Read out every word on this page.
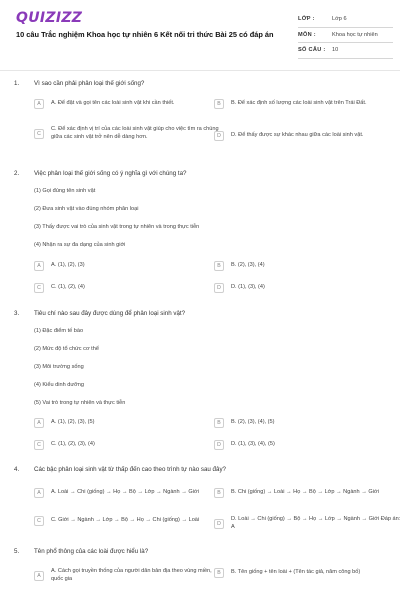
QUIZIZZ
10 câu Trắc nghiệm Khoa học tự nhiên 6 Kết nối tri thức Bài 25 có đáp án
LỚP :	Lớp 6
MÔN :	Khoa học tự nhiên
SỐ CÂU :	10
1. Vì sao cần phải phân loại thế giới sống?
A	A. Để đặt và gọi tên các loài sinh vật khi cần thiết.	B	B. Để xác định số lượng các loài sinh vật trên Trái Đất.
C
C. Để xác định vị trí của các loài sinh vật giúp cho việc tìm ra chúng giữa các sinh vật trở nên dễ dàng hơn.	D	D. Để thấy được sự khác nhau giữa các loài sinh vật.
2. Việc phân loại thế giới sống có ý nghĩa gì với chúng ta?
(1) Gọi đúng tên sinh vật
(2) Đưa sinh vật vào đúng nhóm phân loại
(3) Thấy được vai trò của sinh vật trong tự nhiên và trong thực tiễn
(4) Nhận ra sự đa dạng của sinh giới
A	A. (1), (2), (3)	B	B. (2), (3), (4)
C	C. (1), (2), (4)	D	D. (1), (3), (4)
3. Tiêu chí nào sau đây được dùng để phân loại sinh vật?
(1) Đặc điểm tế bào
(2) Mức độ tổ chức cơ thể
(3) Môi trường sống
(4) Kiểu dinh dưỡng
(5) Vai trò trong tự nhiên và thực tiễn
A	A. (1), (2), (3), (5)	B	B. (2), (3), (4), (5)
C	C. (1), (2), (3), (4)	D	D. (1), (3), (4), (5)
4. Các bậc phân loại sinh vật từ thấp đến cao theo trình tự nào sau đây?
A	A. Loài → Chi (giống) → Họ → Bộ → Lớp → Ngành → Giới	B	B. Chi (giống) → Loài → Họ → Bộ → Lớp → Ngành → Giới
C	C. Giới → Ngành → Lớp → Bộ → Họ → Chi (giống) → Loài
D
D. Loài → Chi (giống) → Bộ → Họ → Lớp → Ngành → Giới Đáp án: A
5. Tên phổ thông của các loài được hiểu là?
A
A. Cách gọi truyền thống của người dân bản địa theo vùng miền, quốc gia
B	B. Tên giống + tên loài + (Tên tác giả, năm công bố)
